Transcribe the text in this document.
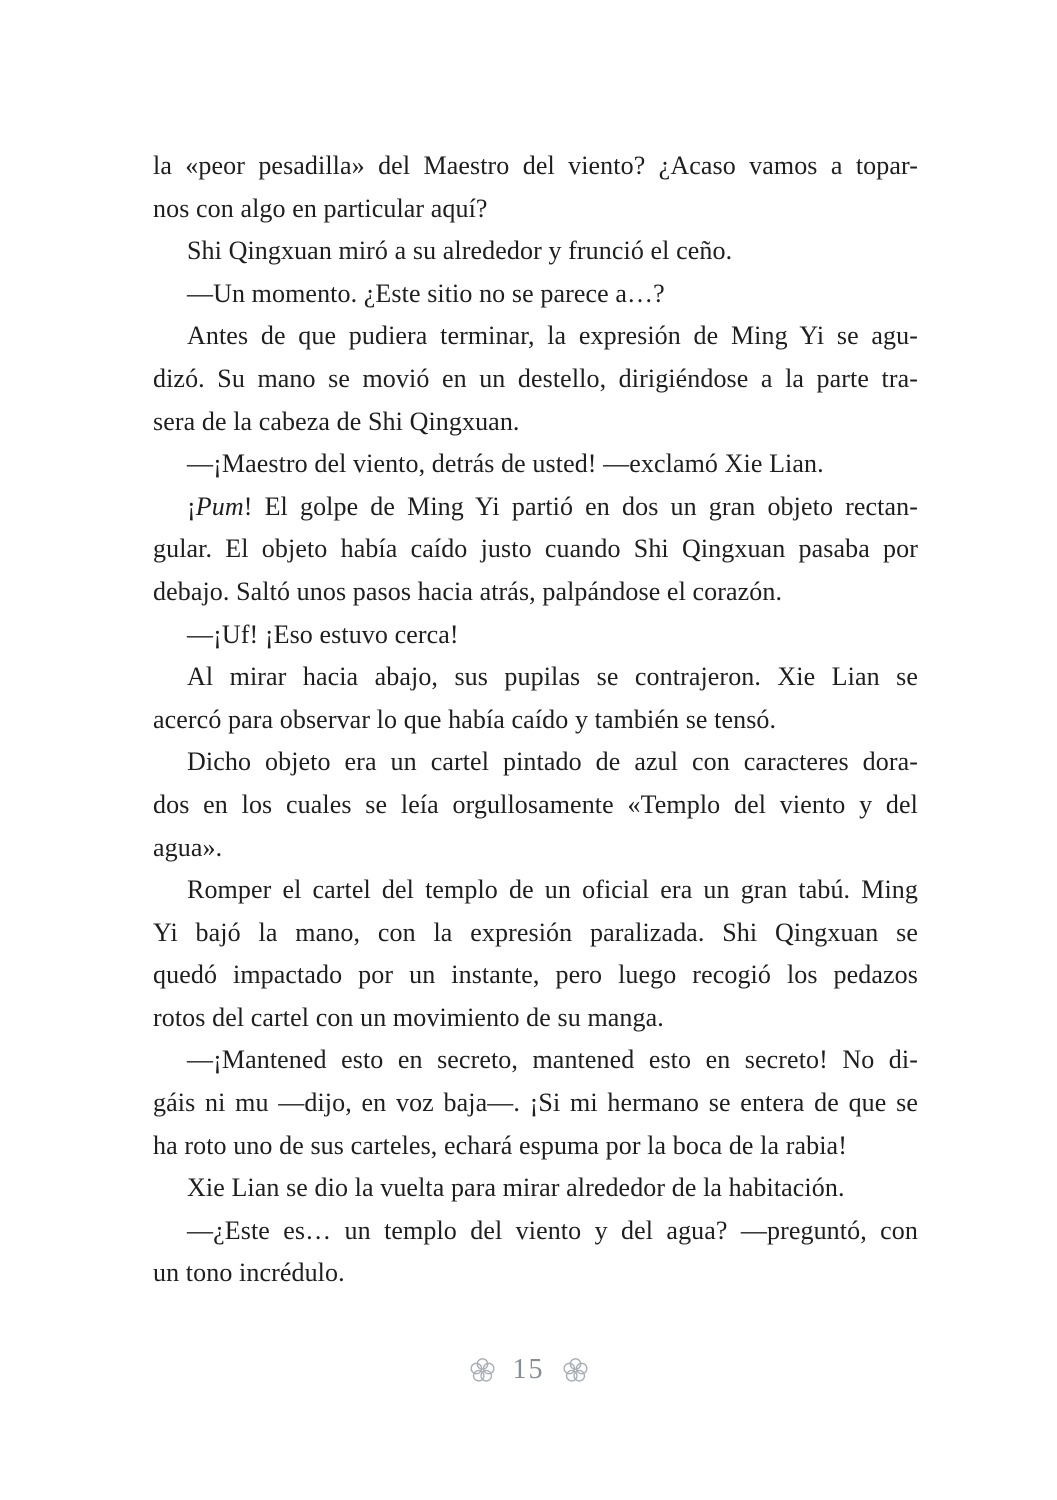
la «peor pesadilla» del Maestro del viento? ¿Acaso vamos a topar-
nos con algo en particular aquí?
Shi Qingxuan miró a su alrededor y frunció el ceño.
—Un momento. ¿Este sitio no se parece a…?
Antes de que pudiera terminar, la expresión de Ming Yi se agu-
dizó. Su mano se movió en un destello, dirigiéndose a la parte tra-
sera de la cabeza de Shi Qingxuan.
—¡Maestro del viento, detrás de usted! —exclamó Xie Lian.
¡Pum! El golpe de Ming Yi partió en dos un gran objeto rectan-
gular. El objeto había caído justo cuando Shi Qingxuan pasaba por
debajo. Saltó unos pasos hacia atrás, palpándose el corazón.
—¡Uf! ¡Eso estuvo cerca!
Al mirar hacia abajo, sus pupilas se contrajeron. Xie Lian se
acercó para observar lo que había caído y también se tensó.
Dicho objeto era un cartel pintado de azul con caracteres dora-
dos en los cuales se leía orgullosamente «Templo del viento y del
agua».
Romper el cartel del templo de un oficial era un gran tabú. Ming
Yi bajó la mano, con la expresión paralizada. Shi Qingxuan se
quedó impactado por un instante, pero luego recogió los pedazos
rotos del cartel con un movimiento de su manga.
—¡Mantened esto en secreto, mantened esto en secreto! No di-
gáis ni mu —dijo, en voz baja—. ¡Si mi hermano se entera de que se
ha roto uno de sus carteles, echará espuma por la boca de la rabia!
Xie Lian se dio la vuelta para mirar alrededor de la habitación.
—¿Este es… un templo del viento y del agua? —preguntó, con
un tono incrédulo.
15
